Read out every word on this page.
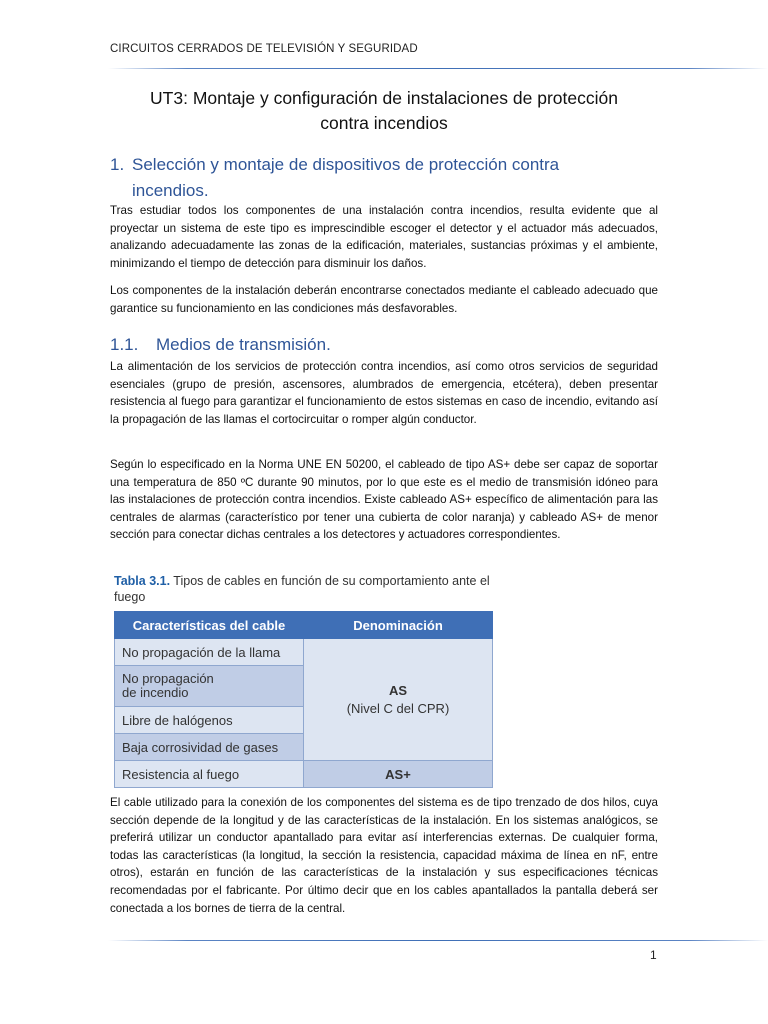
CIRCUITOS CERRADOS DE TELEVISIÓN Y SEGURIDAD
UT3: Montaje y configuración de instalaciones de protección
contra incendios
1. Selección y montaje de dispositivos de protección contra
incendios.

Tras estudiar todos los componentes de una instalación contra incendios, resulta evidente que al proyectar un sistema de este tipo es imprescindible escoger el detector y el actuador más adecuados, analizando adecuadamente las zonas de la edificación, materiales, sustancias próximas y el ambiente, minimizando el tiempo de detección para disminuir los daños.

Los componentes de la instalación deberán encontrarse conectados mediante el cableado adecuado que garantice su funcionamiento en las condiciones más desfavorables.

1.1.	Medios de transmisión.

La alimentación de los servicios de protección contra incendios, así como otros servicios de seguridad esenciales (grupo de presión, ascensores, alumbrados de emergencia, etcétera), deben presentar resistencia al fuego para garantizar el funcionamiento de estos sistemas en caso de incendio, evitando así la propagación de las llamas el cortocircuitar o romper algún conductor.

Según lo especificado en la Norma UNE EN 50200, el cableado de tipo AS+ debe ser capaz de soportar una temperatura de 850 ºC durante 90 minutos, por lo que este es el medio de transmisión idóneo para las instalaciones de protección contra incendios. Existe cableado AS+ específico de alimentación para las centrales de alarmas (característico por tener una cubierta de color naranja) y cableado AS+ de menor sección para conectar dichas centrales a los detectores y actuadores correspondientes.

Tabla 3.1. Tipos de cables en función de su comportamiento ante el fuego
Características del cable	Denominación
No propagación de la llama	AS
(Nivel C del CPR)

No propagación
de incendio	
Libre de halógenos	
Baja corrosividad de gases	
Resistencia al fuego	AS+

El cable utilizado para la conexión de los componentes del sistema es de tipo trenzado de dos hilos, cuya sección depende de la longitud y de las características de la instalación. En los sistemas analógicos, se preferirá utilizar un conductor apantallado para evitar así interferencias externas. De cualquier forma, todas las características (la longitud, la sección la resistencia, capacidad máxima de línea en nF, entre otros), estarán en función de las características de la instalación y sus especificaciones técnicas recomendadas por el fabricante. Por último decir que en los cables apantallados la pantalla deberá ser conectada a los bornes de tierra de la central.

1
